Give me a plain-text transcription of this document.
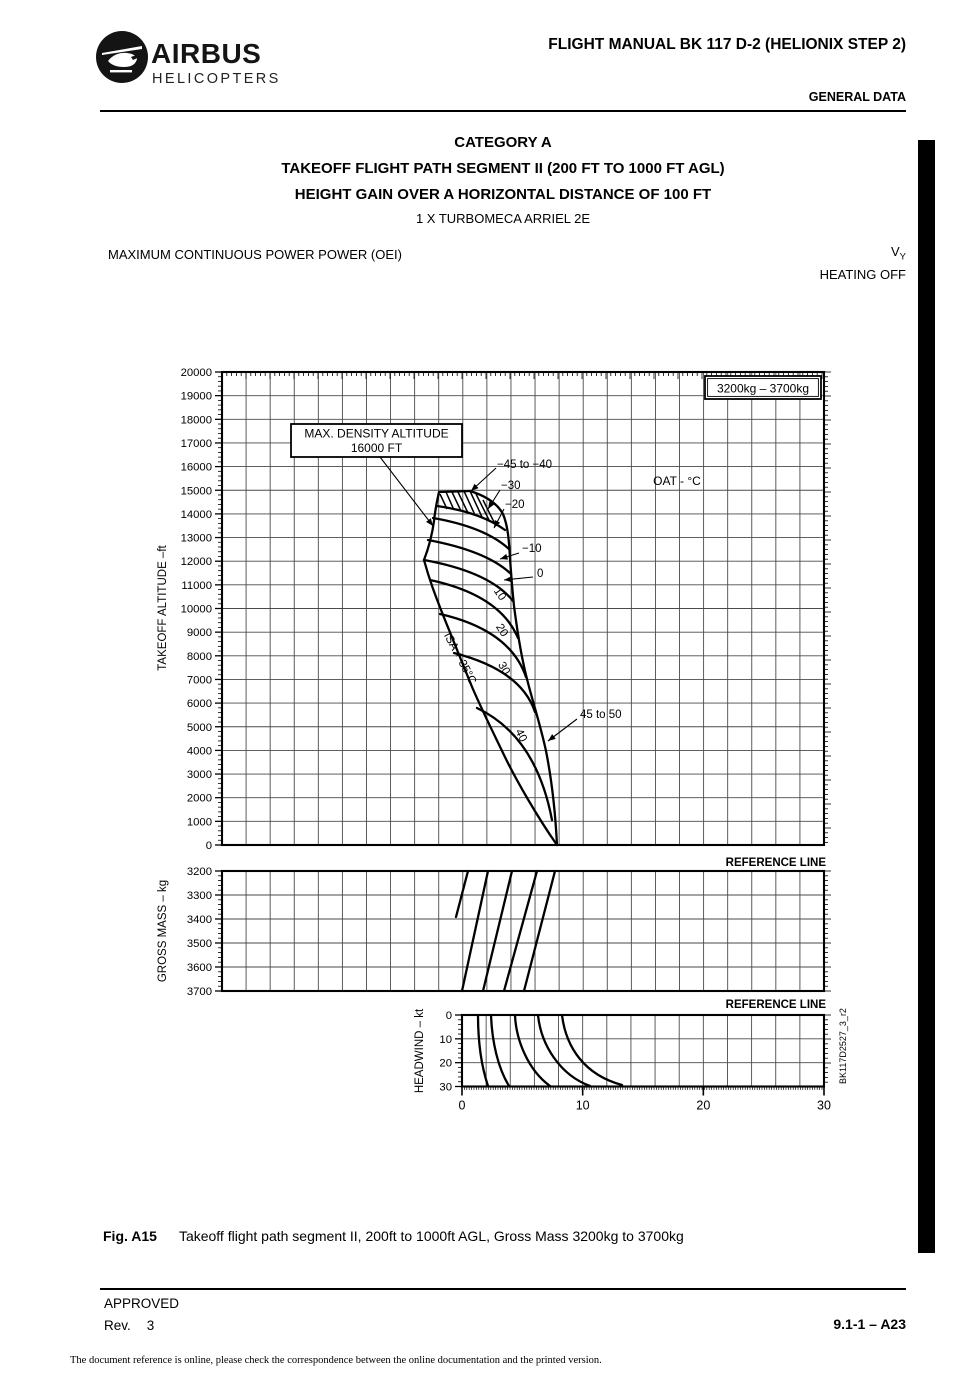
AIRBUS
HELICOPTERS
FLIGHT MANUAL BK 117 D-2 (HELIONIX STEP 2)
GENERAL DATA
CATEGORY A
TAKEOFF FLIGHT PATH SEGMENT II (200 FT TO 1000 FT AGL)
HEIGHT GAIN OVER A HORIZONTAL DISTANCE OF 100 FT
1 X TURBOMECA ARRIEL 2E
MAXIMUM CONTINUOUS POWER POWER (OEI)	$V_Y$
HEATING OFF
20000
19000
18000
17000
16000
15000
14000
13000
12000
11000
10000
9000
8000
7000
6000
5000
4000
3000
2000
1000
0
TAKEOFF ALTITUDE –ft
3200
3300
3400
3500
3600
3700
GROSS MASS – kg
0
10
20
30
0	10	20	30
HEADWIND – kt
3200kg – 3700kg
MAX. DENSITY ALTITUDE
16000 FT
−45 to −40
−30
−20
−10
0
10
20
30
40
ISA + 35°C
45 to 50
OAT - °C
REFERENCE LINE
REFERENCE LINE
BK117D2527_3_r2
Fig. A15 Takeoff flight path segment II, 200ft to 1000ft AGL, Gross Mass 3200kg to 3700kg
APPROVED
Rev. 3	9.1-1 – A23
The document reference is online, please check the correspondence between the online documentation and the printed version.
